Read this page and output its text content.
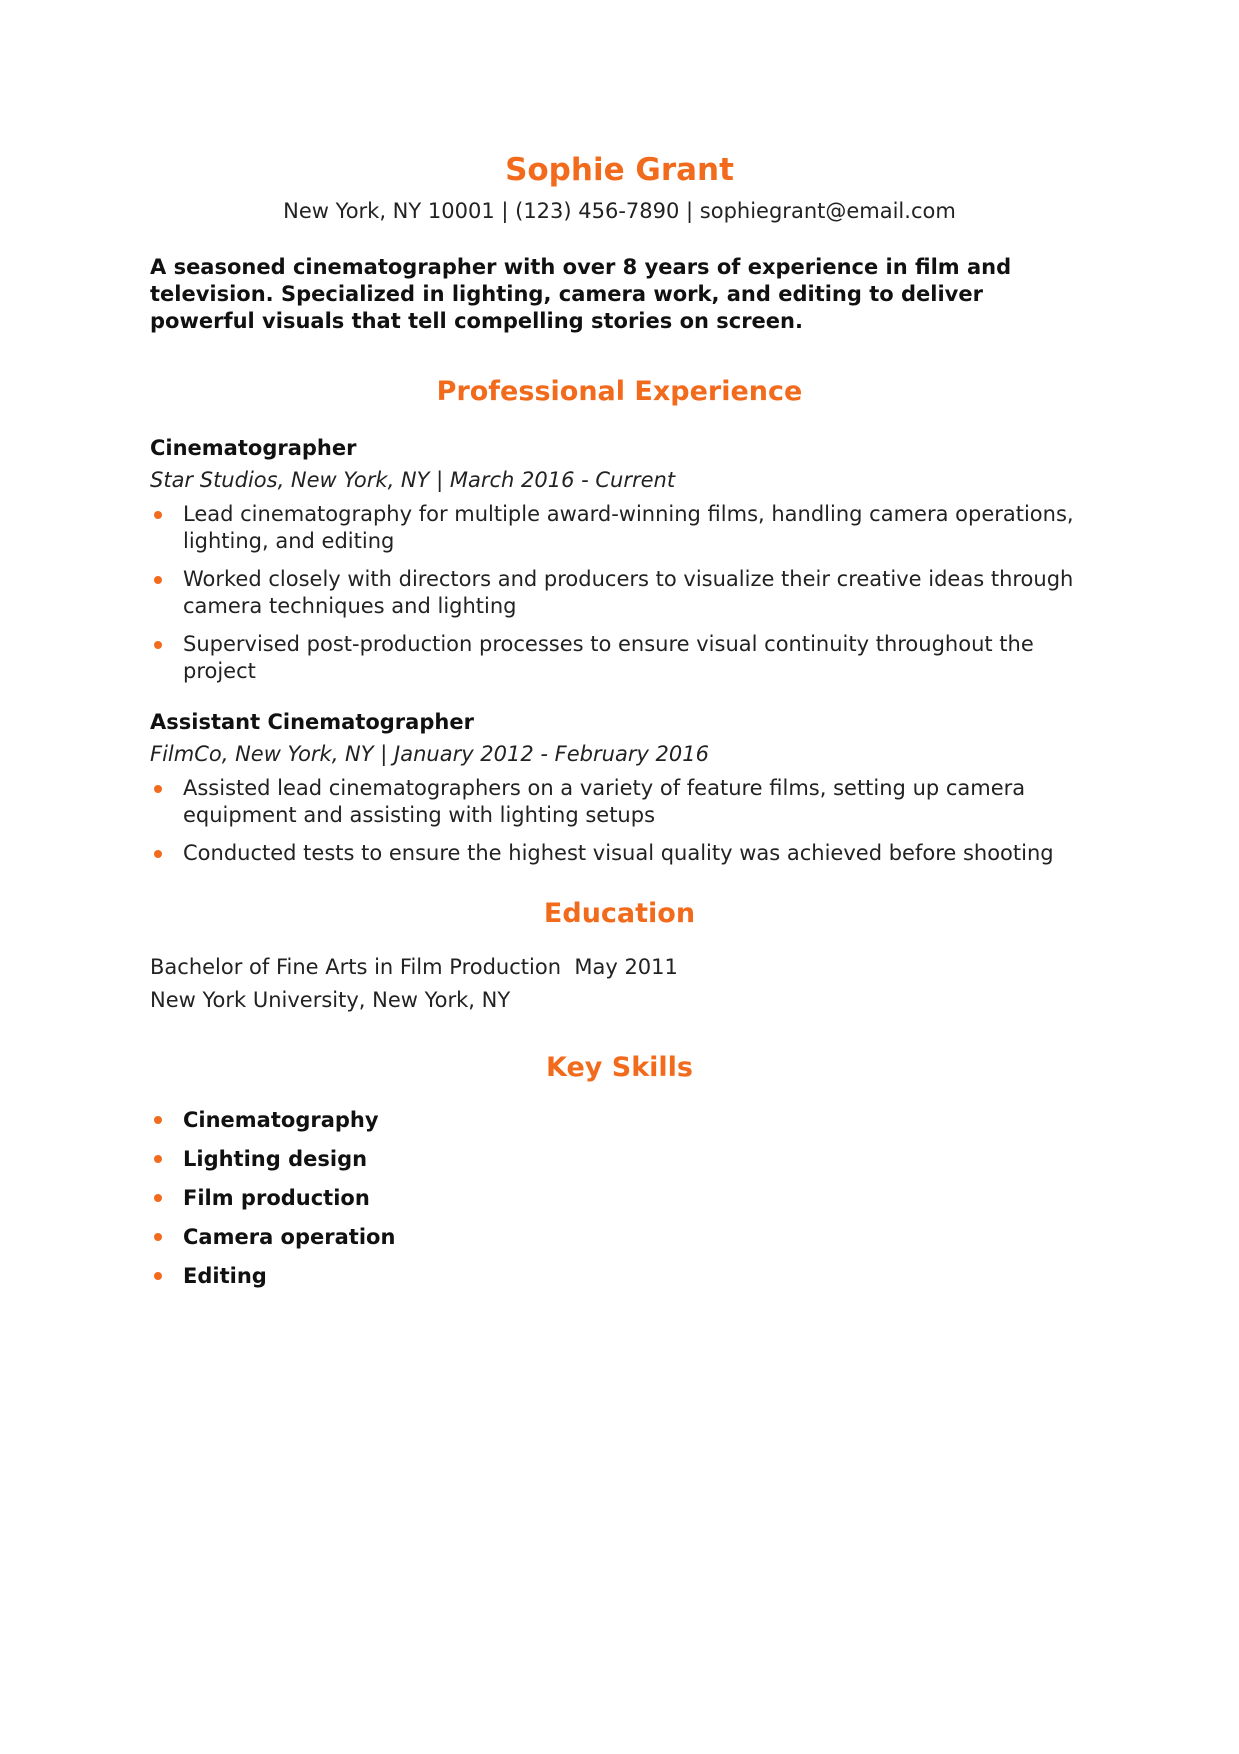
Sophie Grant
New York, NY 10001 | (123) 456-7890 | sophiegrant@email.com
A seasoned cinematographer with over 8 years of experience in film and television. Specialized in lighting, camera work, and editing to deliver powerful visuals that tell compelling stories on screen.
Professional Experience
Cinematographer
Star Studios, New York, NY | March 2016 - Current
Lead cinematography for multiple award-winning films, handling camera operations, lighting, and editing
Worked closely with directors and producers to visualize their creative ideas through camera techniques and lighting
Supervised post-production processes to ensure visual continuity throughout the project
Assistant Cinematographer
FilmCo, New York, NY | January 2012 - February 2016
Assisted lead cinematographers on a variety of feature films, setting up camera equipment and assisting with lighting setups
Conducted tests to ensure the highest visual quality was achieved before shooting
Education
Bachelor of Fine Arts in Film Production  May 2011
New York University, New York, NY
Key Skills
Cinematography
Lighting design
Film production
Camera operation
Editing
